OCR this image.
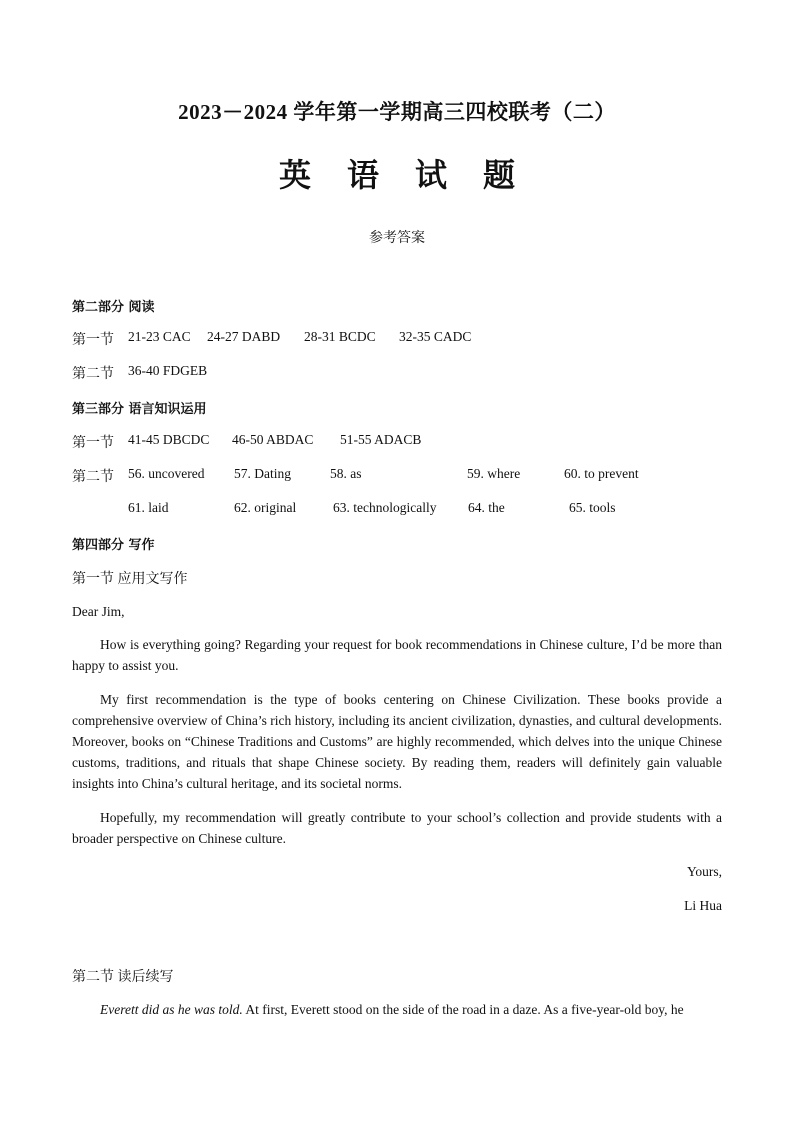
2023－2024 学年第一学期高三四校联考（二）
英 语 试 题
参考答案
第二部分 阅读
第一节 21-23 CAC 24-27 DABD 28-31 BCDC 32-35 CADC
第二节 36-40 FDGEB
第三部分 语言知识运用
第一节 41-45 DBCDC 46-50 ABDAC 51-55 ADACB
第二节 56. uncovered 57. Dating	58. as	59. where	60. to prevent
61. laid	62. original	63. technologically 64. the	65. tools
第四部分 写作
第一节 应用文写作
Dear Jim,
How is everything going? Regarding your request for book recommendations in Chinese culture, I’d be more than happy to assist you.
My first recommendation is the type of books centering on Chinese Civilization. These books provide a comprehensive overview of China’s rich history, including its ancient civilization, dynasties, and cultural developments. Moreover, books on “Chinese Traditions and Customs” are highly recommended, which delves into the unique Chinese customs, traditions, and rituals that shape Chinese society. By reading them, readers will definitely gain valuable insights into China’s cultural heritage, and its societal norms.
Hopefully, my recommendation will greatly contribute to your school’s collection and provide students with a broader perspective on Chinese culture.
Yours,
Li Hua
第二节 读后续写
Everett did as he was told. At first, Everett stood on the side of the road in a daze. As a five-year-old boy, he
